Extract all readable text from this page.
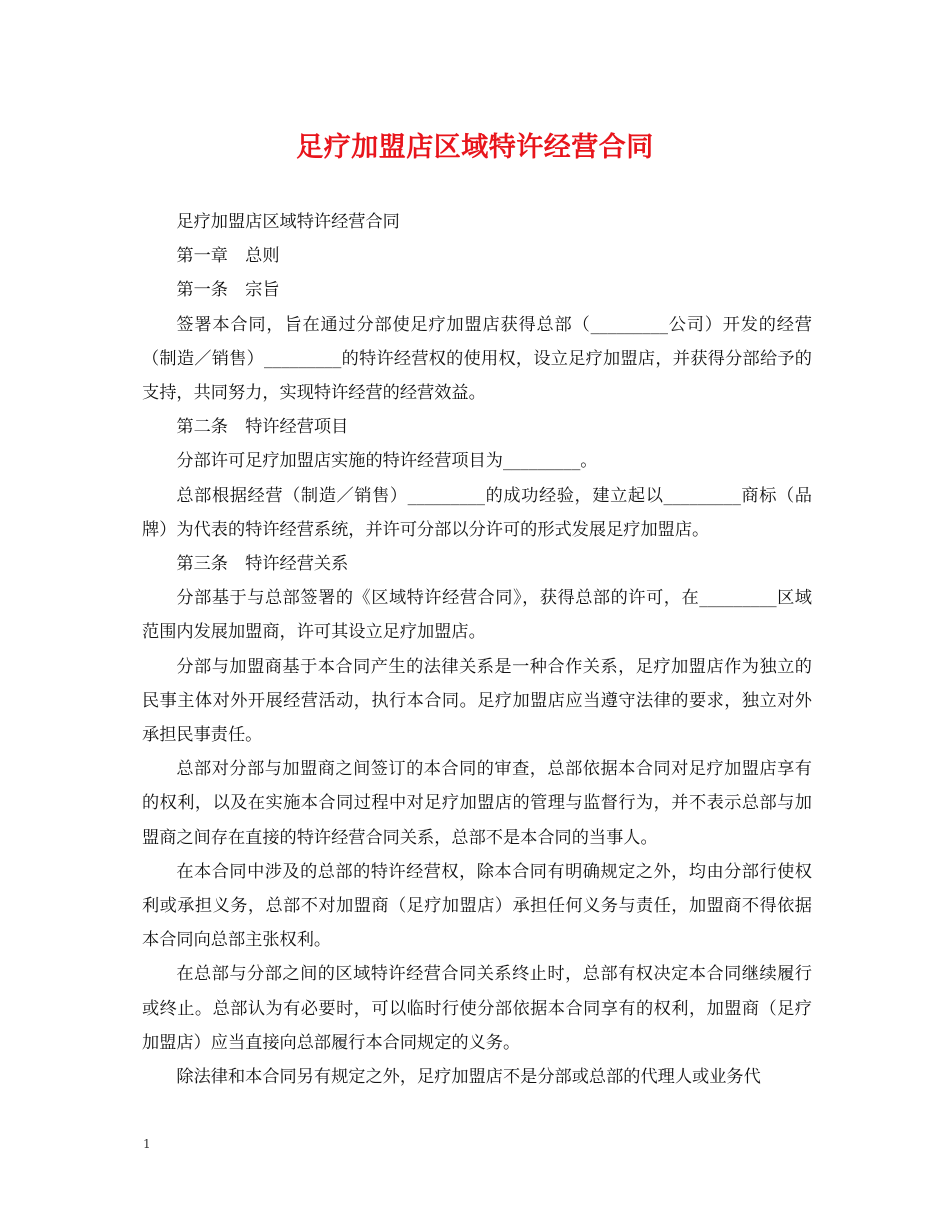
足疗加盟店区域特许经营合同

足疗加盟店区域特许经营合同

第一章　总则

第一条　宗旨

签署本合同，旨在通过分部使足疗加盟店获得总部（_________公司）开发的经营（制造／销售）_________的特许经营权的使用权，设立足疗加盟店，并获得分部给予的支持，共同努力，实现特许经营的经营效益。

第二条　特许经营项目

分部许可足疗加盟店实施的特许经营项目为_________。

总部根据经营（制造／销售）_________的成功经验，建立起以_________商标（品牌）为代表的特许经营系统，并许可分部以分许可的形式发展足疗加盟店。

第三条　特许经营关系

分部基于与总部签署的《区域特许经营合同》，获得总部的许可，在_________区域范围内发展加盟商，许可其设立足疗加盟店。

分部与加盟商基于本合同产生的法律关系是一种合作关系，足疗加盟店作为独立的民事主体对外开展经营活动，执行本合同。足疗加盟店应当遵守法律的要求，独立对外承担民事责任。

总部对分部与加盟商之间签订的本合同的审查，总部依据本合同对足疗加盟店享有的权利，以及在实施本合同过程中对足疗加盟店的管理与监督行为，并不表示总部与加盟商之间存在直接的特许经营合同关系，总部不是本合同的当事人。

在本合同中涉及的总部的特许经营权，除本合同有明确规定之外，均由分部行使权利或承担义务，总部不对加盟商（足疗加盟店）承担任何义务与责任，加盟商不得依据本合同向总部主张权利。

在总部与分部之间的区域特许经营合同关系终止时，总部有权决定本合同继续履行或终止。总部认为有必要时，可以临时行使分部依据本合同享有的权利，加盟商（足疗加盟店）应当直接向总部履行本合同规定的义务。

除法律和本合同另有规定之外，足疗加盟店不是分部或总部的代理人或业务代

1
